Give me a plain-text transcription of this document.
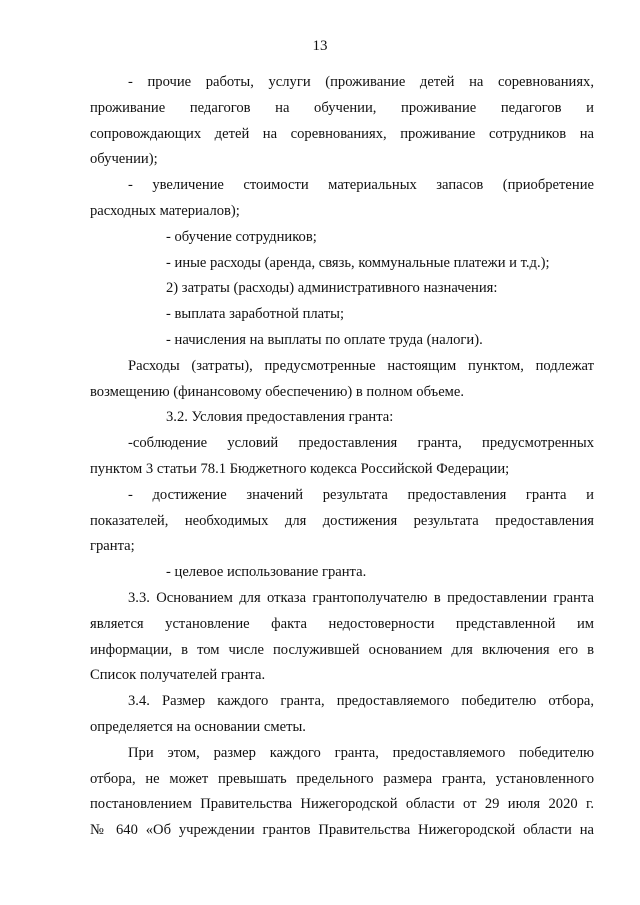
13

- прочие работы, услуги (проживание детей на соревнованиях,
проживание педагогов на обучении, проживание педагогов и
сопровождающих детей на соревнованиях, проживание сотрудников на
обучении);

- увеличение стоимости материальных запасов (приобретение
расходных материалов);

- обучение сотрудников;

- иные расходы (аренда, связь, коммунальные платежи и т.д.);

2) затраты (расходы) административного назначения:

- выплата заработной платы;

- начисления на выплаты по оплате труда (налоги).

Расходы (затраты), предусмотренные настоящим пунктом, подлежат
возмещению (финансовому обеспечению) в полном объеме.

3.2. Условия предоставления гранта:

-соблюдение условий предоставления гранта, предусмотренных
пунктом 3 статьи 78.1 Бюджетного кодекса Российской Федерации;

- достижение значений результата предоставления гранта и
показателей, необходимых для достижения результата предоставления
гранта;

- целевое использование гранта.

3.3. Основанием для отказа грантополучателю в предоставлении гранта
является установление факта недостоверности представленной им
информации, в том числе послужившей основанием для включения его в
Список получателей гранта.

3.4. Размер каждого гранта, предоставляемого победителю отбора,
определяется на основании сметы.

При этом, размер каждого гранта, предоставляемого победителю
отбора, не может превышать предельного размера гранта, установленного
постановлением Правительства Нижегородской области от 29 июля 2020 г.
№ 640 «Об учреждении грантов Правительства Нижегородской области на
